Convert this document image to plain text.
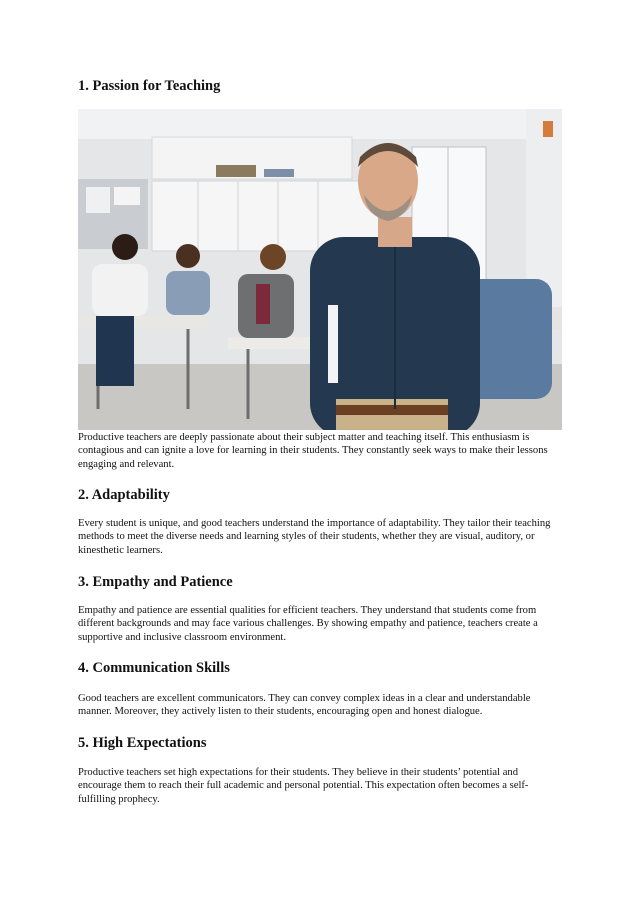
1. Passion for Teaching

Productive teachers are deeply passionate about their subject matter and teaching itself. This enthusiasm is contagious and can ignite a love for learning in their students. They constantly seek ways to make their lessons engaging and relevant.

2. Adaptability

Every student is unique, and good teachers understand the importance of adaptability. They tailor their teaching methods to meet the diverse needs and learning styles of their students, whether they are visual, auditory, or kinesthetic learners.

3. Empathy and Patience

Empathy and patience are essential qualities for efficient teachers. They understand that students come from different backgrounds and may face various challenges. By showing empathy and patience, teachers create a supportive and inclusive classroom environment.

4. Communication Skills

Good teachers are excellent communicators. They can convey complex ideas in a clear and understandable manner. Moreover, they actively listen to their students, encouraging open and honest dialogue.

5. High Expectations

Productive teachers set high expectations for their students. They believe in their students’ potential and encourage them to reach their full academic and personal potential. This expectation often becomes a self-fulfilling prophecy.
